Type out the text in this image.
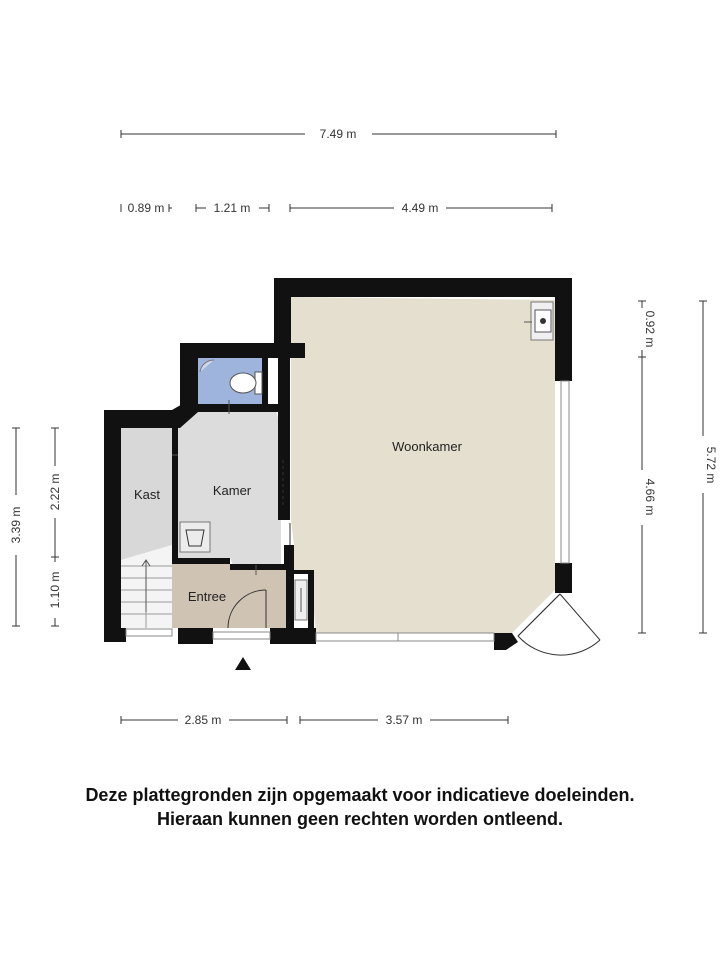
7.49 m
0.89 m	1.21 m	4.49 m
2.85 m	3.57 m
3.39 m
2.22 m
1.10 m
0.92 m
4.66 m
5.72 m
Woonkamer
Kamer
Kast
Entree
Deze plattegronden zijn opgemaakt voor indicatieve doeleinden.
Hieraan kunnen geen rechten worden ontleend.
